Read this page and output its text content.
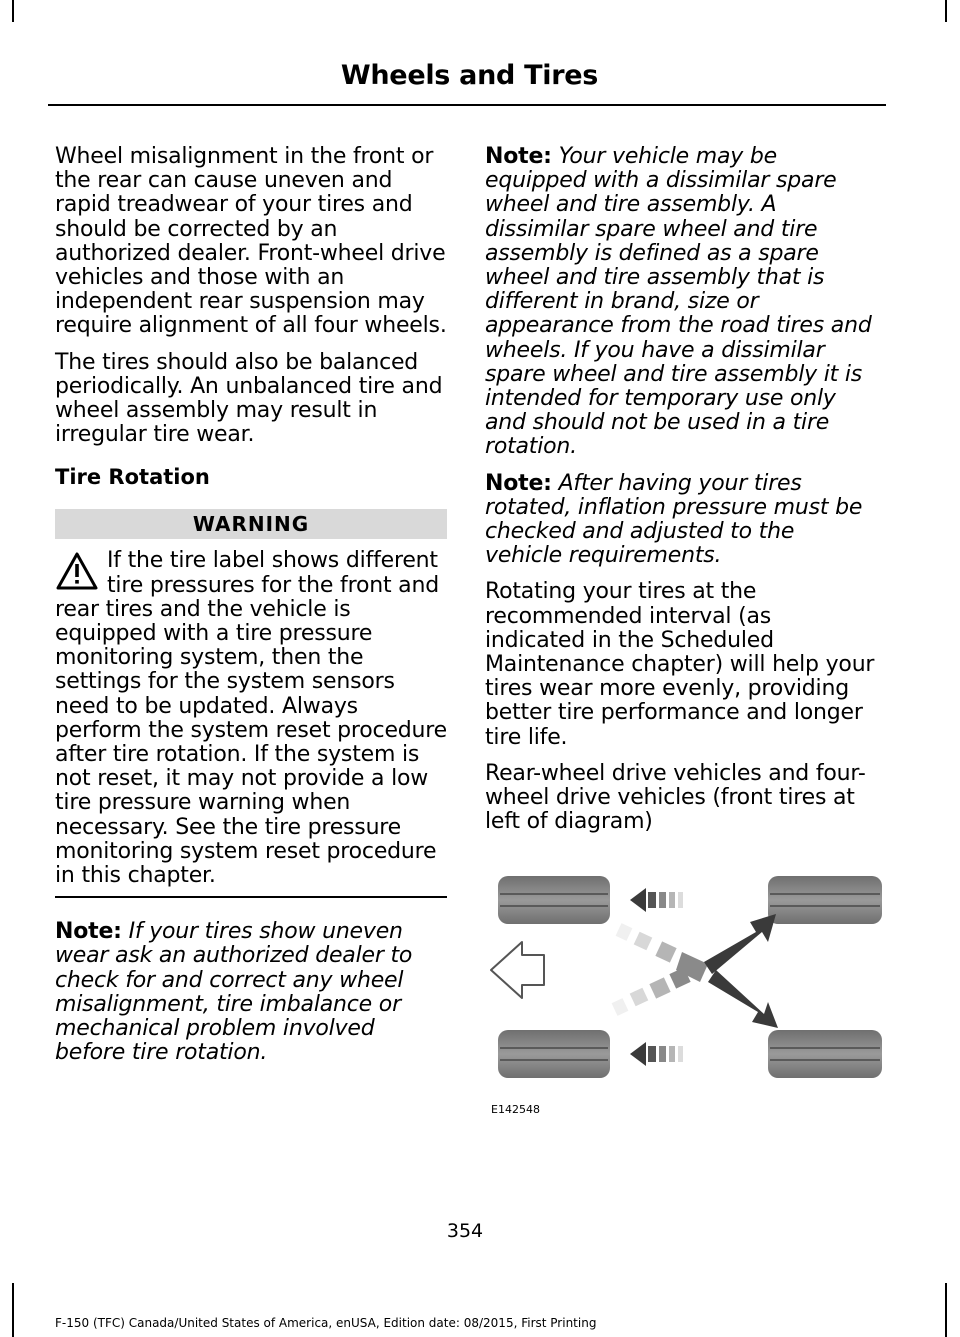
Wheels and Tires

Wheel misalignment in the front or the rear can cause uneven and rapid treadwear of your tires and should be corrected by an authorized dealer. Front-wheel drive vehicles and those with an independent rear suspension may require alignment of all four wheels.

The tires should also be balanced periodically. An unbalanced tire and wheel assembly may result in irregular tire wear.

Tire Rotation
WARNING
If the tire label shows different tire pressures for the front and rear tires and the vehicle is equipped with a tire pressure monitoring system, then the settings for the system sensors need to be updated. Always perform the system reset procedure after tire rotation. If the system is not reset, it may not provide a low tire pressure warning when necessary. See the tire pressure monitoring system reset procedure in this chapter.

Note: If your tires show uneven wear ask an authorized dealer to check for and correct any wheel misalignment, tire imbalance or mechanical problem involved before tire rotation.

Note: Your vehicle may be equipped with a dissimilar spare wheel and tire assembly. A dissimilar spare wheel and tire assembly is defined as a spare wheel and tire assembly that is different in brand, size or appearance from the road tires and wheels. If you have a dissimilar spare wheel and tire assembly it is intended for temporary use only and should not be used in a tire rotation.

Note: After having your tires rotated, inflation pressure must be checked and adjusted to the vehicle requirements.

Rotating your tires at the recommended interval (as indicated in the Scheduled Maintenance chapter) will help your tires wear more evenly, providing better tire performance and longer tire life.

Rear-wheel drive vehicles and four-wheel drive vehicles (front tires at left of diagram)

E142548
354
F-150 (TFC) Canada/United States of America, enUSA, Edition date: 08/2015, First Printing
